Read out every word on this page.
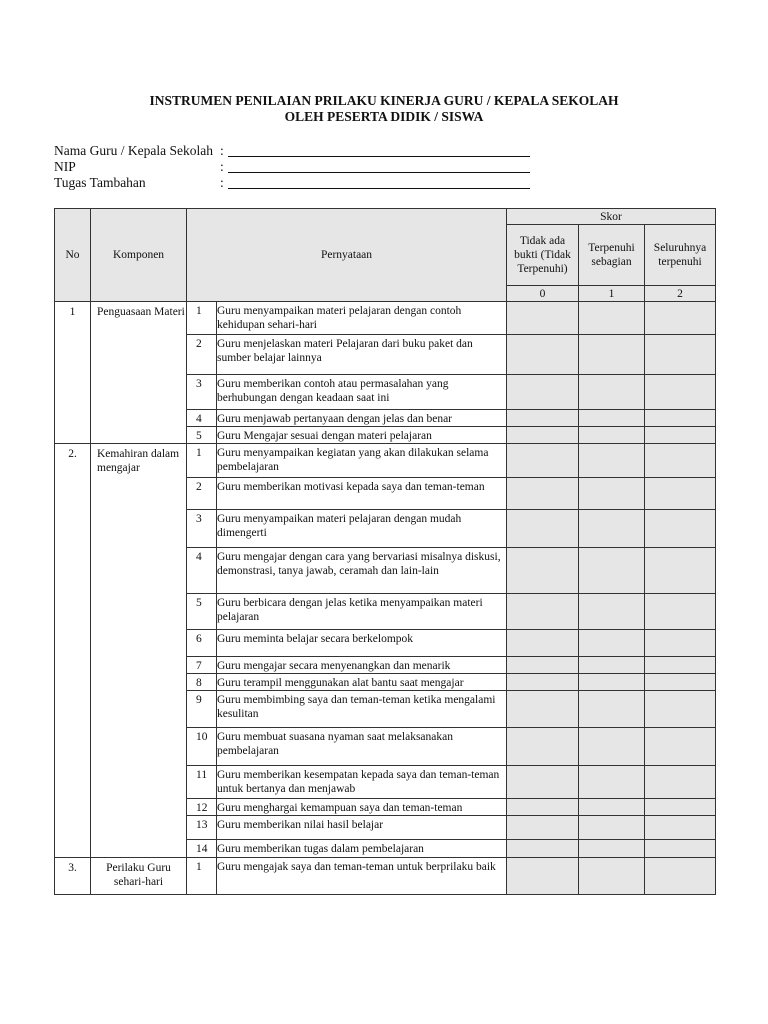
INSTRUMEN PENILAIAN PRILAKU KINERJA GURU / KEPALA SEKOLAH
OLEH PESERTA DIDIK / SISWA
Nama Guru / Kepala Sekolah :
NIP	:
Tugas Tambahan	:
No	Komponen	Pernyataan		Skor		
				Tidak ada bukti (Tidak Terpenuhi)	Terpenuhi sebagian	Seluruhnya terpenuhi
				0	1	2
1	Penguasaan Materi	1	Guru menyampaikan materi pelajaran dengan contoh kehidupan sehari-hari			
		2	Guru menjelaskan materi Pelajaran dari buku paket dan sumber belajar lainnya			
		3	Guru memberikan contoh atau permasalahan yang berhubungan dengan keadaan saat ini			
		4	Guru menjawab pertanyaan dengan jelas dan benar			
		5	Guru Mengajar sesuai dengan materi pelajaran			
2.	Kemahiran dalam mengajar	1	Guru menyampaikan kegiatan yang akan dilakukan selama pembelajaran			
		2	Guru memberikan motivasi kepada saya dan teman-teman			
		3	Guru menyampaikan materi pelajaran dengan mudah dimengerti			
		4	Guru mengajar dengan cara yang bervariasi misalnya diskusi, demonstrasi, tanya jawab, ceramah dan lain-lain			
		5	Guru berbicara dengan jelas ketika menyampaikan materi pelajaran			
		6	Guru meminta belajar secara berkelompok			
		7	Guru mengajar secara menyenangkan dan menarik			
		8	Guru terampil menggunakan alat bantu saat mengajar			
		9	Guru membimbing saya dan teman-teman ketika mengalami kesulitan			
		10	Guru membuat suasana nyaman saat melaksanakan pembelajaran			
		11	Guru memberikan kesempatan kepada saya dan teman-teman untuk bertanya dan menjawab			
		12	Guru menghargai kemampuan saya dan teman-teman			
		13	Guru memberikan nilai hasil belajar			
		14	Guru memberikan tugas dalam pembelajaran			
3.	Perilaku Guru sehari-hari	1	Guru mengajak saya dan teman-teman untuk berprilaku baik			
